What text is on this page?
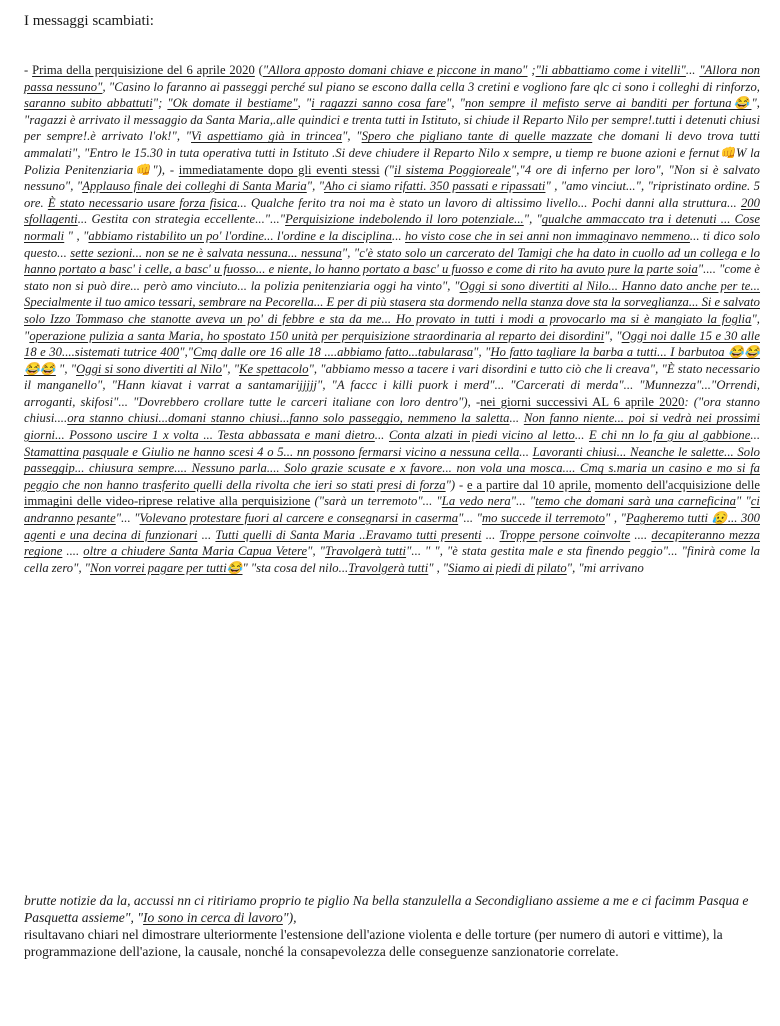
I messaggi scambiati:
- Prima della perquisizione del 6 aprile 2020 ("Allora apposto domani chiave e piccone in mano" ;"li abbattiamo come i vitelli"... "Allora non passa nessuno", "Casino lo faranno ai passeggi perché sul piano se escono dalla cella 3 cretini e vogliono fare qlc ci sono i colleghi di rinforzo, saranno subito abbattuti"; "Ok domate il bestiame", "i ragazzi sanno cosa fare", "non sempre il mefisto serve ai banditi per fortuna😂", "ragazzi è arrivato il messaggio da Santa Maria,.alle quindici e trenta tutti in Istituto, si chiude il Reparto Nilo per sempre!.tutti i detenuti chiusi per sempre!.è arrivato l'ok!", "Vi aspettiamo già in trincea", "Spero che pigliano tante di quelle mazzate che domani li devo trova tutti ammalati", "Entro le 15.30 in tuta operativa tutti in Istituto .Si deve chiudere il Reparto Nilo x sempre, u tiemp re buone azioni e fernut👊W la Polizia Penitenziaria👊"), - immediatamente dopo gli eventi stessi ("il sistema Poggioreale","4 ore di inferno per loro", "Non si è salvato nessuno", "Applauso finale dei colleghi di Santa Maria", "Aho ci siamo rifatti. 350 passati e ripassati" , "amo vinciut...", "ripristinato ordine. 5 ore. È stato necessario usare forza fisica... Qualche ferito tra noi ma è stato un lavoro di altissimo livello... Pochi danni alla struttura... 200 sfollagenti... Gestita con strategia eccellente..."..."Perquisizione indebolendo il loro potenziale...", "qualche ammaccato tra i detenuti ... Cose normali " , "abbiamo ristabilito un po' l'ordine... l'ordine e la disciplina... ho visto cose che in sei anni non immaginavo nemmeno... ti dico solo questo... sette sezioni... non se ne è salvata nessuna... nessuna", "c'è stato solo un carcerato del Tamigi che ha dato in cuollo ad un collega e lo hanno portato a basc' i celle, a basc' u fuosso... e niente, lo hanno portato a basc' u fuosso e come di rito ha avuto pure la parte soia".... "come è stato non si può dire... però amo vinciuto... la polizia penitenziaria oggi ha vinto", "Oggi si sono divertiti al Nilo... Hanno dato anche per te... Specialmente il tuo amico tessari, sembrare na Pecorella... E per di più stasera sta dormendo nella stanza dove sta la sorveglianza... Si e salvato solo Izzo Tommaso che stanotte aveva un po' di febbre e sta da me... Ho provato in tutti i modi a provocarlo ma si è mangiato la foglia", "operazione pulizia a santa Maria, ho spostato 150 unità per perquisizione straordinaria al reparto dei disordini", "Oggi noi dalle 15 e 30 alle 18 e 30....sistemati tutrice 400","Cmq dalle ore 16 alle 18 ....abbiamo fatto...tabularasa", "Ho fatto tagliare la barba a tutti... I barbutoa 😂😂😂😂 ", "Oggi si sono divertiti al Nilo", "Ke spettacolo", "abbiamo messo a tacere i vari disordini e tutto ciò che li creava", "È stato necessario il manganello", "Hann kiavat i varrat a santamarijjjjj", "A faccc i killi puork i merd"... "Carcerati di merda"... "Munnezza"..."Orrendi, arroganti, skifosi"... "Dovrebbero crollare tutte le carceri italiane con loro dentro"), -nei giorni successivi AL 6 aprile 2020: ("ora stanno chiusi....ora stanno chiusi...domani stanno chiusi...fanno solo passeggio, nemmeno la saletta... Non fanno niente... poi si vedrà nei prossimi giorni... Possono uscire 1 x volta ... Testa abbassata e mani dietro... Conta alzati in piedi vicino al letto... E chi nn lo fa giu al gabbione... Stamattina pasquale e Giulio ne hanno scesi 4 o 5... nn possono fermarsi vicino a nessuna cella... Lavoranti chiusi... Neanche le salette... Solo passeggip... chiusura sempre.... Nessuno parla.... Solo grazie scusate e x favore... non vola una mosca.... Cmq s.maria un casino e mo si fa peggio che non hanno trasferito quelli della rivolta che ieri so stati presi di forza") - e a partire dal 10 aprile, momento dell'acquisizione delle immagini delle video-riprese relative alla perquisizione ("sarà un terremoto"... "La vedo nera"... "temo che domani sarà una carneficina" "ci andranno pesante"... "Volevano protestare fuori al carcere e consegnarsi in caserma"... "mo succede il terremoto" , "Pagheremo tutti 😥... 300 agenti e una decina di funzionari ... Tutti quelli di Santa Maria ..Eravamo tutti presenti ... Troppe persone coinvolte .... decapiteranno mezza regione .... oltre a chiudere Santa Maria Capua Vetere", "Travolgerà tutti"... " ", "è stata gestita male e sta finendo peggio"... "finirà come la cella zero", "Non vorrei pagare per tutti😂" "sta cosa del nilo...Travolgerà tutti" , "Siamo ai piedi di pilato", "mi arrivano
brutte notizie da la, accussi nn ci ritiriamo proprio te piglio Na bella stanzulella a Secondigliano assieme a me e ci facimm Pasqua e Pasquetta assieme", "Io sono in cerca di lavoro"),
risultavano chiari nel dimostrare ulteriormente l'estensione dell'azione violenta e delle torture (per numero di autori e vittime), la programmazione dell'azione, la causale, nonché la consapevolezza delle conseguenze sanzionatorie correlate.
